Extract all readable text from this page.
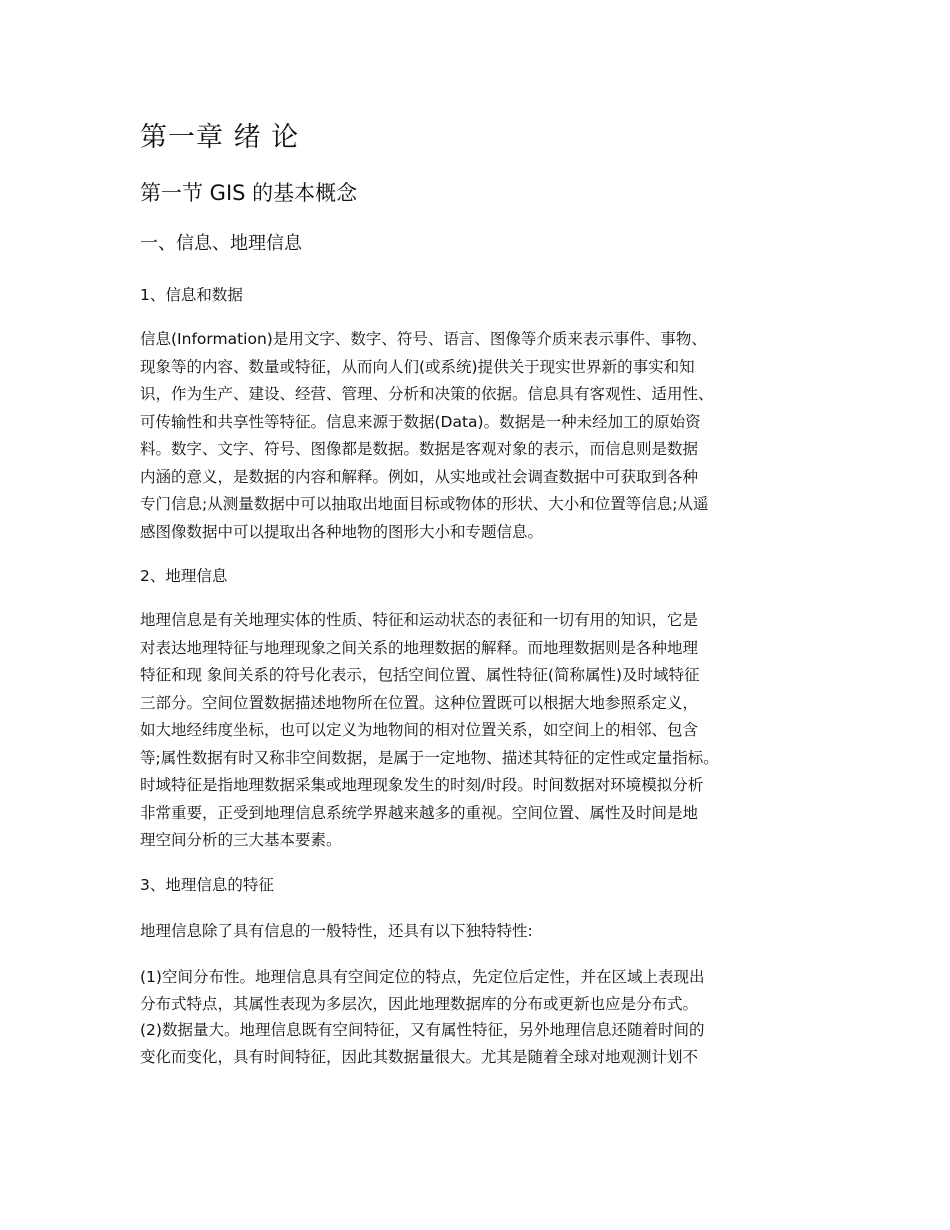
第一章 绪 论
第一节 GIS 的基本概念
一、信息、地理信息
1、信息和数据
信息(Information)是用文字、数字、符号、语言、图像等介质来表示事件、事物、
现象等的内容、数量或特征，从而向人们(或系统)提供关于现实世界新的事实和知
识，作为生产、建设、经营、管理、分析和决策的依据。信息具有客观性、适用性、
可传输性和共享性等特征。信息来源于数据(Data)。数据是一种未经加工的原始资
料。数字、文字、符号、图像都是数据。数据是客观对象的表示，而信息则是数据
内涵的意义，是数据的内容和解释。例如，从实地或社会调查数据中可获取到各种
专门信息;从测量数据中可以抽取出地面目标或物体的形状、大小和位置等信息;从遥
感图像数据中可以提取出各种地物的图形大小和专题信息。
2、地理信息
地理信息是有关地理实体的性质、特征和运动状态的表征和一切有用的知识，它是
对表达地理特征与地理现象之间关系的地理数据的解释。而地理数据则是各种地理
特征和现 象间关系的符号化表示，包括空间位置、属性特征(简称属性)及时域特征
三部分。空间位置数据描述地物所在位置。这种位置既可以根据大地参照系定义，
如大地经纬度坐标，也可以定义为地物间的相对位置关系，如空间上的相邻、包含
等;属性数据有时又称非空间数据，是属于一定地物、描述其特征的定性或定量指标。
时域特征是指地理数据采集或地理现象发生的时刻/时段。时间数据对环境模拟分析
非常重要，正受到地理信息系统学界越来越多的重视。空间位置、属性及时间是地
理空间分析的三大基本要素。
3、地理信息的特征
地理信息除了具有信息的一般特性，还具有以下独特特性:
(1)空间分布性。地理信息具有空间定位的特点，先定位后定性，并在区域上表现出
分布式特点，其属性表现为多层次，因此地理数据库的分布或更新也应是分布式。
(2)数据量大。地理信息既有空间特征，又有属性特征，另外地理信息还随着时间的
变化而变化，具有时间特征，因此其数据量很大。尤其是随着全球对地观测计划不
